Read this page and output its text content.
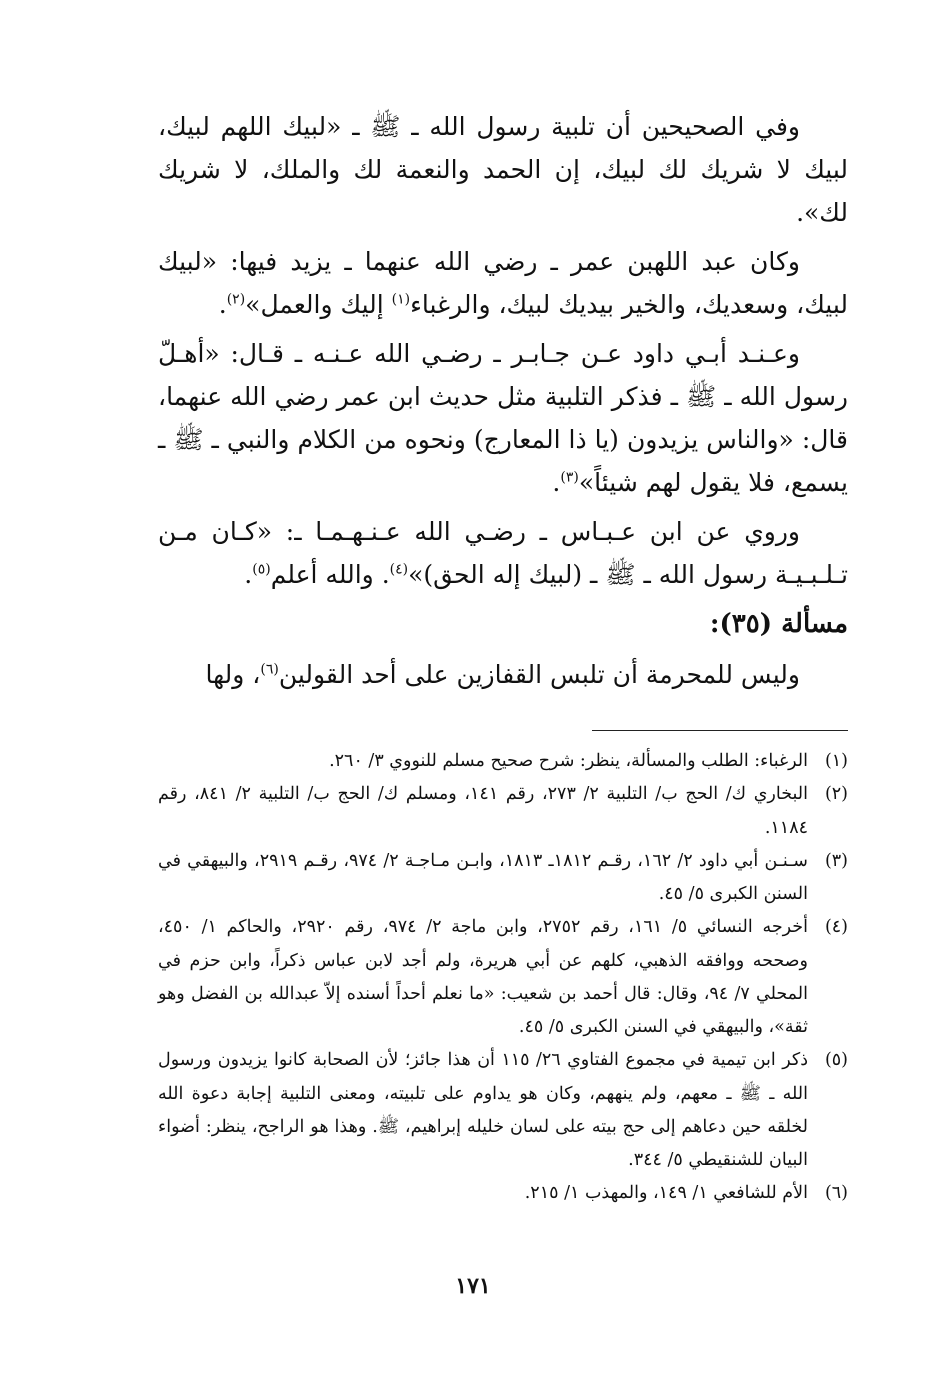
وفي الصحيحين أن تلبية رسول الله ـ ﷺ ـ «لبيك اللهم لبيك، لبيك لا شريك لك لبيك، إن الحمد والنعمة لك والملك، لا شريك لك».

وكان عبد اللهبن عمر ـ رضي الله عنهما ـ يزيد فيها: «لبيك لبيك، وسعديك، والخير بيديك لبيك، والرغباء$^{(١)}$ إليك والعمل»$^{(٢)}$.

وعـنـد أبـي داود عـن جـابـر ـ رضـي الله عـنـه ـ قـال: «أهـلّ رسول الله ـ ﷺ ـ فذكر التلبية مثل حديث ابن عمر رضي الله عنهما، قال: «والناس يزيدون (يا ذا المعارج) ونحوه من الكلام والنبي ـ ﷺ ـ يسمع، فلا يقول لهم شيئاً»$^{(٣)}$.

وروي عن ابن عـبـاس ـ رضـي الله عـنـهـمـا ـ: «كـان مـن تـلـبـيـة رسول الله ـ ﷺ ـ (لبيك إله الحق)»$^{(٤)}$. والله أعلم$^{(٥)}$.

مسألة (٣٥):

وليس للمحرمة أن تلبس القفازين على أحد القولين$^{(٦)}$، ولها

(١)
الرغباء: الطلب والمسألة، ينظر: شرح صحيح مسلم للنووي ٣/ ٢٦٠.
(٢)
البخاري ك/ الحج ب/ التلبية ٢/ ٢٧٣، رقم ١٤١، ومسلم ك/ الحج ب/ التلبية ٢/ ٨٤١، رقم ١١٨٤.
(٣)
سـنـن أبي داود ٢/ ١٦٢، رقـم ١٨١٢ـ ١٨١٣، وابـن مـاجـة ٢/ ٩٧٤، رقـم ٢٩١٩، والبيهقي في السنن الكبرى ٥/ ٤٥.
(٤)
أخرجه النسائي ٥/ ١٦١، رقم ٢٧٥٢، وابن ماجة ٢/ ٩٧٤، رقم ٢٩٢٠، والحاكم ١/ ٤٥٠، وصححه ووافقه الذهبي، كلهم عن أبي هريرة، ولم أجد لابن عباس ذكراً، وابن حزم في المحلي ٧/ ٩٤، وقال: قال أحمد بن شعيب: «ما نعلم أحداً أسنده إلاّ عبدالله بن الفضل وهو ثقة»، والبيهقي في السنن الكبرى ٥/ ٤٥.
(٥)
ذكر ابن تيمية في مجموع الفتاوي ٢٦/ ١١٥ أن هذا جائز؛ لأن الصحابة كانوا يزيدون ورسول الله ـ ﷺ ـ معهم، ولم ينههم، وكان هو يداوم على تلبيته، ومعنى التلبية إجابة دعوة الله لخلقه حين دعاهم إلى حج بيته على لسان خليله إبراهيم، ﷺ. وهذا هو الراجح، ينظر: أضواء البيان للشنقيطي ٥/ ٣٤٤.
(٦)
الأم للشافعي ١/ ١٤٩، والمهذب ١/ ٢١٥.
١٧١
